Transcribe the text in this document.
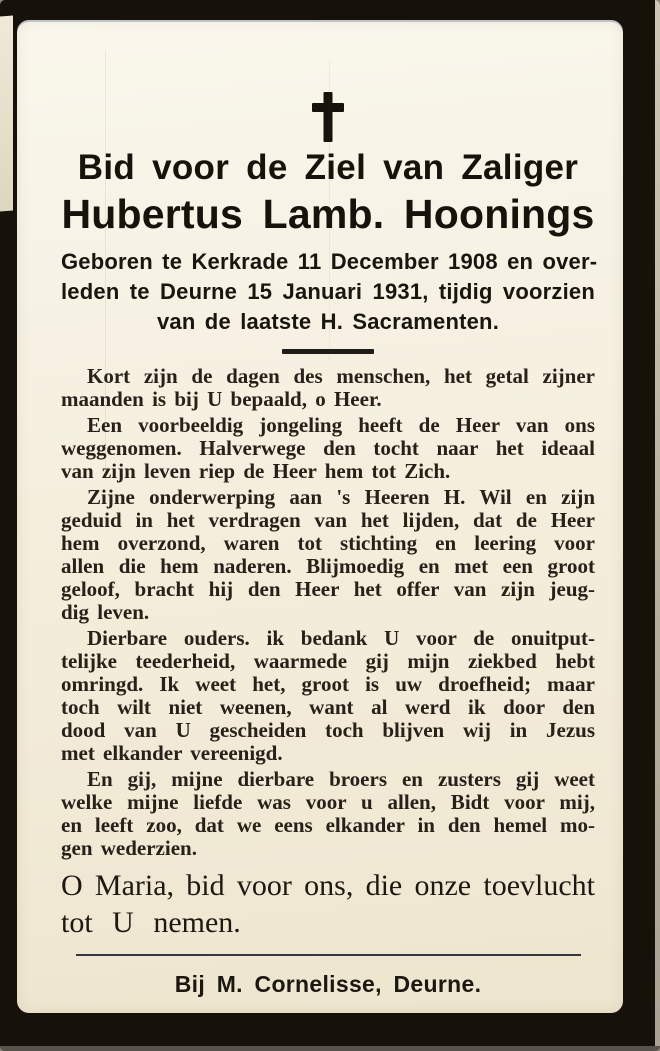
Bid voor de Ziel van Zaliger
Hubertus Lamb. Hoonings
Geboren te Kerkrade 11 December 1908 en over-
leden te Deurne 15 Januari 1931, tijdig voorzien
van de laatste H. Sacramenten.
Kort zijn de dagen des menschen, het getal zijner
maanden is bij U bepaald, o Heer.
Een voorbeeldig jongeling heeft de Heer van ons
weggenomen. Halverwege den tocht naar het ideaal
van zijn leven riep de Heer hem tot Zich.
Zijne onderwerping aan 's Heeren H. Wil en zijn
geduid in het verdragen van het lijden, dat de Heer
hem overzond, waren tot stichting en leering voor
allen die hem naderen. Blijmoedig en met een groot
geloof, bracht hij den Heer het offer van zijn jeug-
dig leven.
Dierbare ouders. ik bedank U voor de onuitput-
telijke teederheid, waarmede gij mijn ziekbed hebt
omringd. Ik weet het, groot is uw droefheid; maar
toch wilt niet weenen, want al werd ik door den
dood van U gescheiden toch blijven wij in Jezus
met elkander vereenigd.
En gij, mijne dierbare broers en zusters gij weet
welke mijne liefde was voor u allen, Bidt voor mij,
en leeft zoo, dat we eens elkander in den hemel mo-
gen wederzien.
O Maria, bid voor ons, die onze toevlucht
tot U nemen.
Bij M. Cornelisse, Deurne.
